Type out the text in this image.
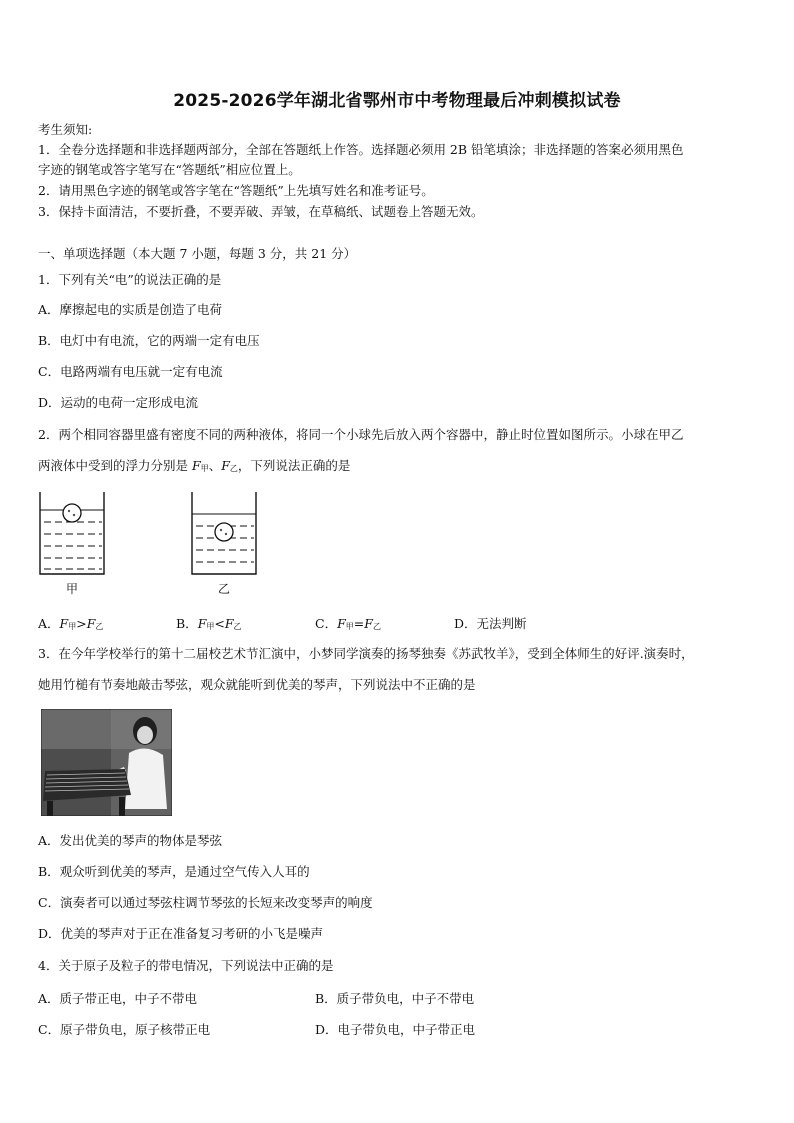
2025-2026学年湖北省鄂州市中考物理最后冲刺模拟试卷
考生须知:
1．全卷分选择题和非选择题两部分，全部在答题纸上作答。选择题必须用 2B 铅笔填涂；非选择题的答案必须用黑色
字迹的钢笔或答字笔写在“答题纸”相应位置上。
2．请用黑色字迹的钢笔或答字笔在“答题纸”上先填写姓名和准考证号。
3．保持卡面清洁，不要折叠，不要弄破、弄皱，在草稿纸、试题卷上答题无效。
一、单项选择题（本大题 7 小题，每题 3 分，共 21 分）
1．下列有关“电”的说法正确的是
A．摩擦起电的实质是创造了电荷
B．电灯中有电流，它的两端一定有电压
C．电路两端有电压就一定有电流
D．运动的电荷一定形成电流
2．两个相同容器里盛有密度不同的两种液体，将同一个小球先后放入两个容器中，静止时位置如图所示。小球在甲乙
两液体中受到的浮力分别是 $F_甲$、$F_乙$，下列说法正确的是
甲	乙
A．$F_甲>F_乙$	B．$F_甲<F_乙$	C．$F_甲=F_乙$	D．无法判断
3．在今年学校举行的第十二届校艺术节汇演中，小梦同学演奏的扬琴独奏《苏武牧羊》，受到全体师生的好评.演奏时，
她用竹槌有节奏地敲击琴弦，观众就能听到优美的琴声，下列说法中不正确的是
A．发出优美的琴声的物体是琴弦
B．观众听到优美的琴声，是通过空气传入人耳的
C．演奏者可以通过琴弦柱调节琴弦的长短来改变琴声的响度
D．优美的琴声对于正在准备复习考研的小飞是噪声
4．关于原子及粒子的带电情况，下列说法中正确的是
A．质子带正电，中子不带电	B．质子带负电，中子不带电
C．原子带负电，原子核带正电	D．电子带负电，中子带正电
